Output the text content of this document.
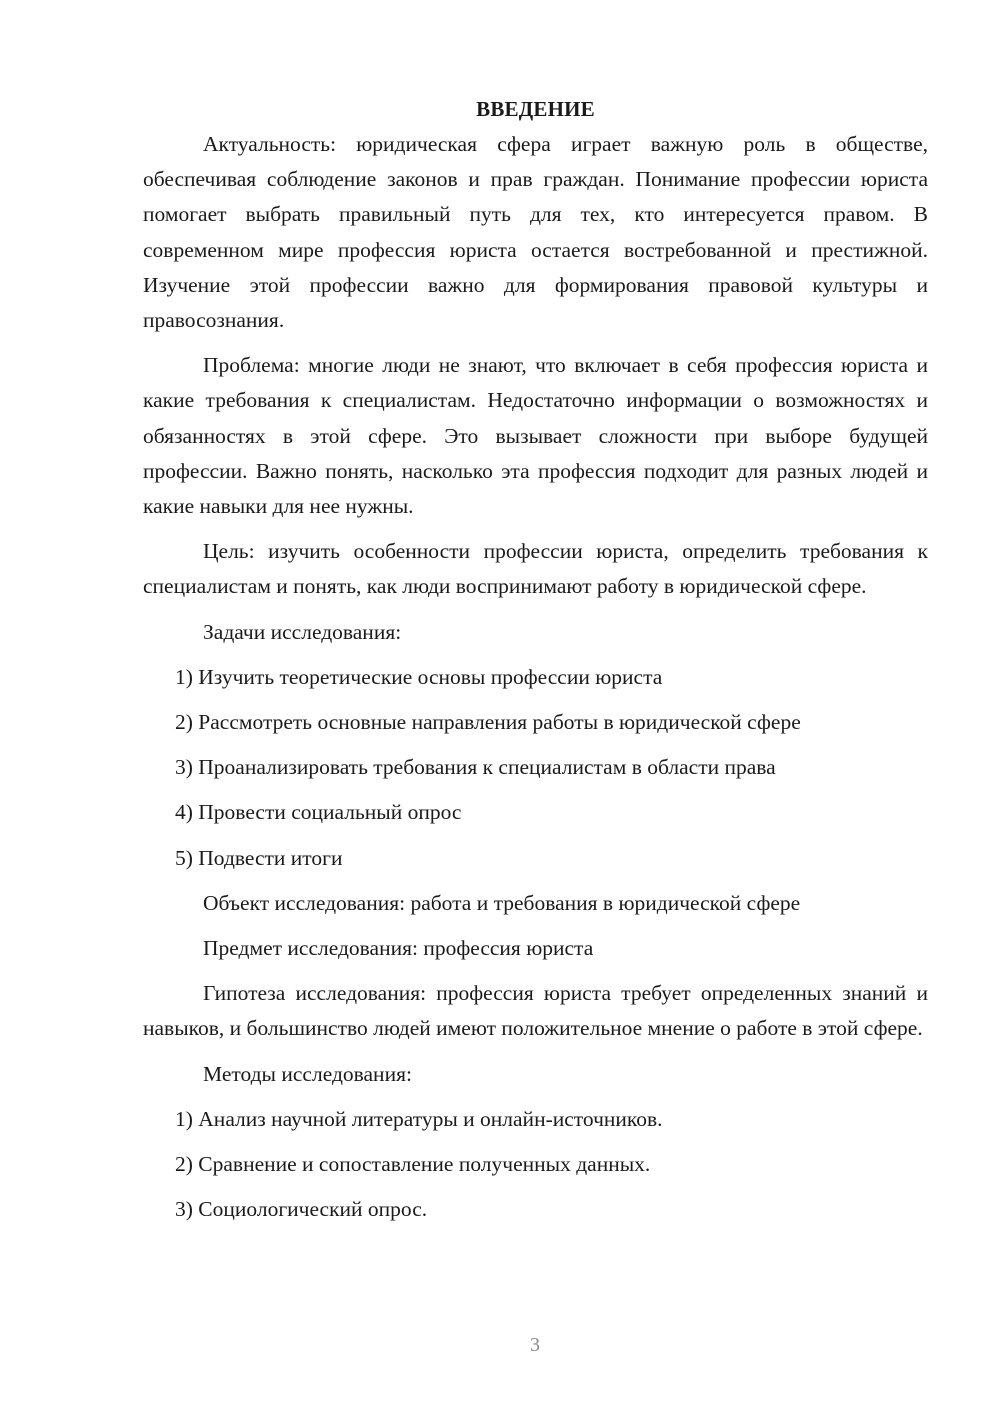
ВВЕДЕНИЕ

Актуальность: юридическая сфера играет важную роль в обществе, обеспечивая соблюдение законов и прав граждан. Понимание профессии юриста помогает выбрать правильный путь для тех, кто интересуется правом. В современном мире профессия юриста остается востребованной и престижной. Изучение этой профессии важно для формирования правовой культуры и правосознания.

Проблема: многие люди не знают, что включает в себя профессия юриста и какие требования к специалистам. Недостаточно информации о возможностях и обязанностях в этой сфере. Это вызывает сложности при выборе будущей профессии. Важно понять, насколько эта профессия подходит для разных людей и какие навыки для нее нужны.

Цель: изучить особенности профессии юриста, определить требования к специалистам и понять, как люди воспринимают работу в юридической сфере.

Задачи исследования:
1) Изучить теоретические основы профессии юриста
2) Рассмотреть основные направления работы в юридической сфере
3) Проанализировать требования к специалистам в области права
4) Провести социальный опрос
5) Подвести итоги
Объект исследования: работа и требования в юридической сфере
Предмет исследования: профессия юриста

Гипотеза исследования: профессия юриста требует определенных знаний и навыков, и большинство людей имеют положительное мнение о работе в этой сфере.

Методы исследования:
1) Анализ научной литературы и онлайн-источников.
2) Сравнение и сопоставление полученных данных.
3) Социологический опрос.
3
